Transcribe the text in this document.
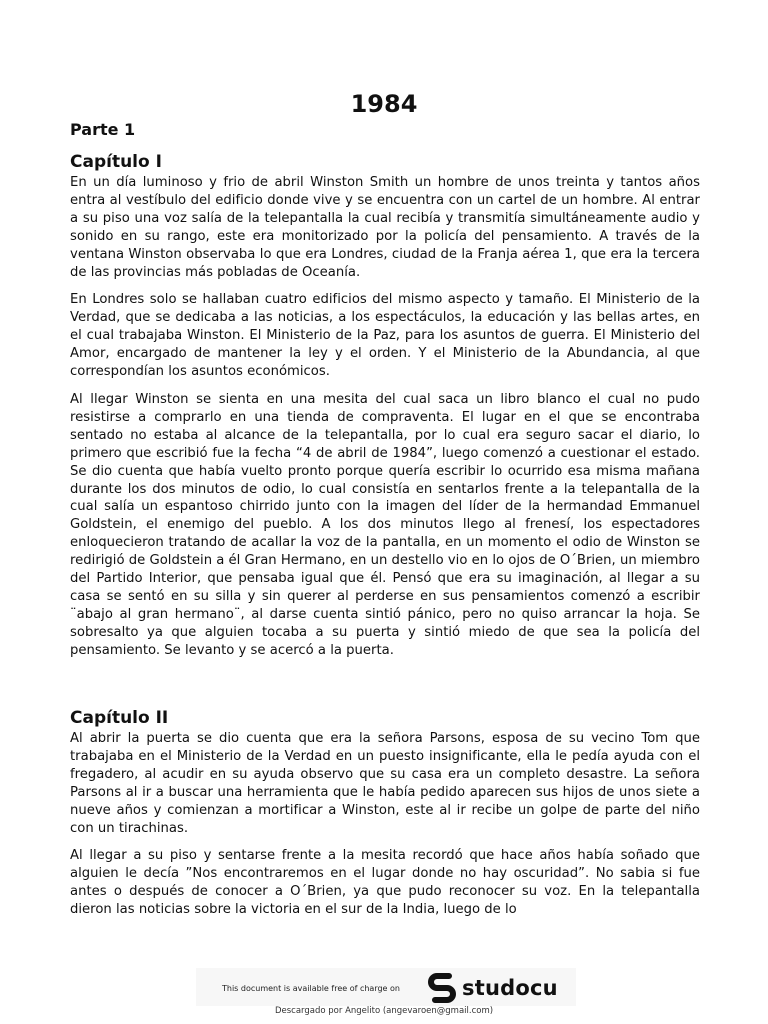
1984
Parte 1
Capítulo I

En un día luminoso y frio de abril Winston Smith un hombre de unos treinta y tantos años entra al vestíbulo del edificio donde vive y se encuentra con un cartel de un hombre. Al entrar a su piso una voz salía de la telepantalla la cual recibía y transmitía simultáneamente audio y sonido en su rango, este era monitorizado por la policía del pensamiento. A través de la ventana Winston observaba lo que era Londres, ciudad de la Franja aérea 1, que era la tercera de las provincias más pobladas de Oceanía.

En Londres solo se hallaban cuatro edificios del mismo aspecto y tamaño. El Ministerio de la Verdad, que se dedicaba a las noticias, a los espectáculos, la educación y las bellas artes, en el cual trabajaba Winston. El Ministerio de la Paz, para los asuntos de guerra. El Ministerio del Amor, encargado de mantener la ley y el orden. Y el Ministerio de la Abundancia, al que correspondían los asuntos económicos.

Al llegar Winston se sienta en una mesita del cual saca un libro blanco el cual no pudo resistirse a comprarlo en una tienda de compraventa. El lugar en el que se encontraba sentado no estaba al alcance de la telepantalla, por lo cual era seguro sacar el diario, lo primero que escribió fue la fecha “4 de abril de 1984”, luego comenzó a cuestionar el estado. Se dio cuenta que había vuelto pronto porque quería escribir lo ocurrido esa misma mañana durante los dos minutos de odio, lo cual consistía en sentarlos frente a la telepantalla de la cual salía un espantoso chirrido junto con la imagen del líder de la hermandad Emmanuel Goldstein, el enemigo del pueblo. A los dos minutos llego al frenesí, los espectadores enloquecieron tratando de acallar la voz de la pantalla, en un momento el odio de Winston se redirigió de Goldstein a él Gran Hermano, en un destello vio en lo ojos de O´Brien, un miembro del Partido Interior, que pensaba igual que él. Pensó que era su imaginación, al llegar a su casa se sentó en su silla y sin querer al perderse en sus pensamientos comenzó a escribir ¨abajo al gran hermano¨, al darse cuenta sintió pánico, pero no quiso arrancar la hoja. Se sobresalto ya que alguien tocaba a su puerta y sintió miedo de que sea la policía del pensamiento. Se levanto y se acercó a la puerta.

Capítulo II

Al abrir la puerta se dio cuenta que era la señora Parsons, esposa de su vecino Tom que trabajaba en el Ministerio de la Verdad en un puesto insignificante, ella le pedía ayuda con el fregadero, al acudir en su ayuda observo que su casa era un completo desastre. La señora Parsons al ir a buscar una herramienta que le había pedido aparecen sus hijos de unos siete a nueve años y comienzan a mortificar a Winston, este al ir recibe un golpe de parte del niño con un tirachinas.

Al llegar a su piso y sentarse frente a la mesita recordó que hace años había soñado que alguien le decía ”Nos encontraremos en el lugar donde no hay oscuridad”. No sabia si fue antes o después de conocer a O´Brien, ya que pudo reconocer su voz. En la telepantalla dieron las noticias sobre la victoria en el sur de la India, luego de lo

This document is available free of charge on	studocu
Descargado por Angelito (angevaroen@gmail.com)
